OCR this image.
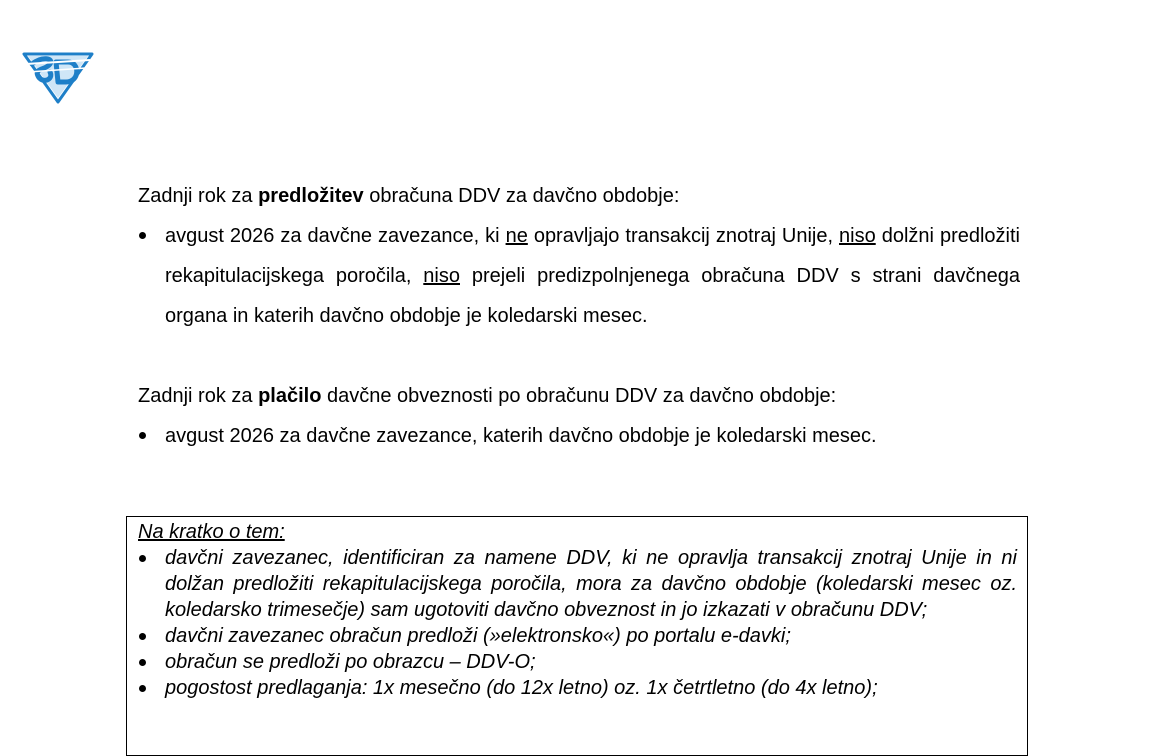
Zadnji rok za predložitev obračuna DDV za davčno obdobje:

avgust 2026 za davčne zavezance, ki ne opravljajo transakcij znotraj Unije, niso dolžni predložiti rekapitulacijskega poročila, niso prejeli predizpolnjenega obračuna DDV s strani davčnega organa in katerih davčno obdobje je koledarski mesec.

Zadnji rok za plačilo davčne obveznosti po obračunu DDV za davčno obdobje:

avgust 2026 za davčne zavezance, katerih davčno obdobje je koledarski mesec.

Na kratko o tem:

davčni zavezanec, identificiran za namene DDV, ki ne opravlja transakcij znotraj Unije in ni dolžan predložiti rekapitulacijskega poročila, mora za davčno obdobje (koledarski mesec oz. koledarsko trimesečje) sam ugotoviti davčno obveznost in jo izkazati v obračunu DDV;
davčni zavezanec obračun predloži (»elektronsko«) po portalu e-davki;
obračun se predloži po obrazcu – DDV-O;
pogostost predlaganja: 1x mesečno (do 12x letno) oz. 1x četrtletno (do 4x letno);
